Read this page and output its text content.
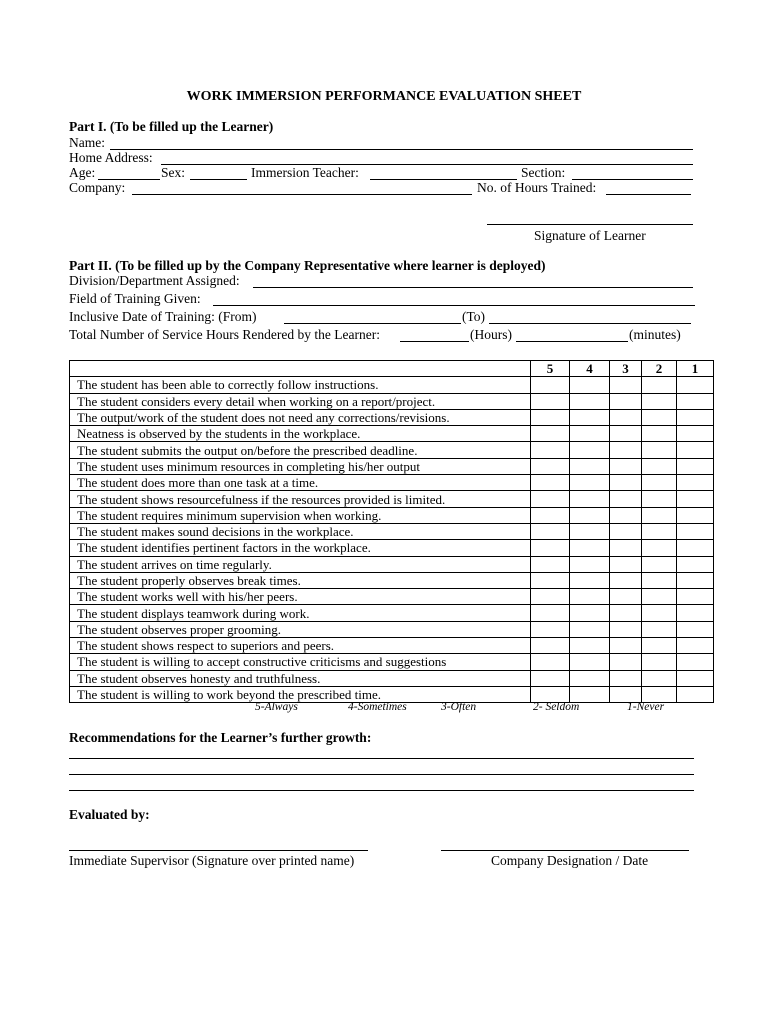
WORK IMMERSION PERFORMANCE EVALUATION SHEET
Part I. (To be filled up the Learner)
Name:
Home Address:
Age:	Sex:	Immersion Teacher:	Section:
Company:	No. of Hours Trained:
Signature of Learner
Part II. (To be filled up by the Company Representative where learner is deployed)
Division/Department Assigned:
Field of Training Given:
Inclusive Date of Training: (From)	(To)
Total Number of Service Hours Rendered by the Learner:	(Hours)	(minutes)
	5	4	3	2	1
The student has been able to correctly follow instructions.					
The student considers every detail when working on a report/project.					
The output/work of the student does not need any corrections/revisions.					
Neatness is observed by the students in the workplace.					
The student submits the output on/before the prescribed deadline.					
The student uses minimum resources in completing his/her output					
The student does more than one task at a time.					
The student shows resourcefulness if the resources provided is limited.					
The student requires minimum supervision when working.					
The student makes sound decisions in the workplace.					
The student identifies pertinent factors in the workplace.					
The student arrives on time regularly.					
The student properly observes break times.					
The student works well with his/her peers.					
The student displays teamwork during work.					
The student observes proper grooming.					
The student shows respect to superiors and peers.					
The student is willing to accept constructive criticisms and suggestions					
The student observes honesty and truthfulness.					
The student is willing to work beyond the prescribed time.					
5-Always	4-Sometimes	3-Often	2- Seldom	1-Never
Recommendations for the Learner’s further growth:
Evaluated by:
Immediate Supervisor (Signature over printed name)	Company Designation / Date
